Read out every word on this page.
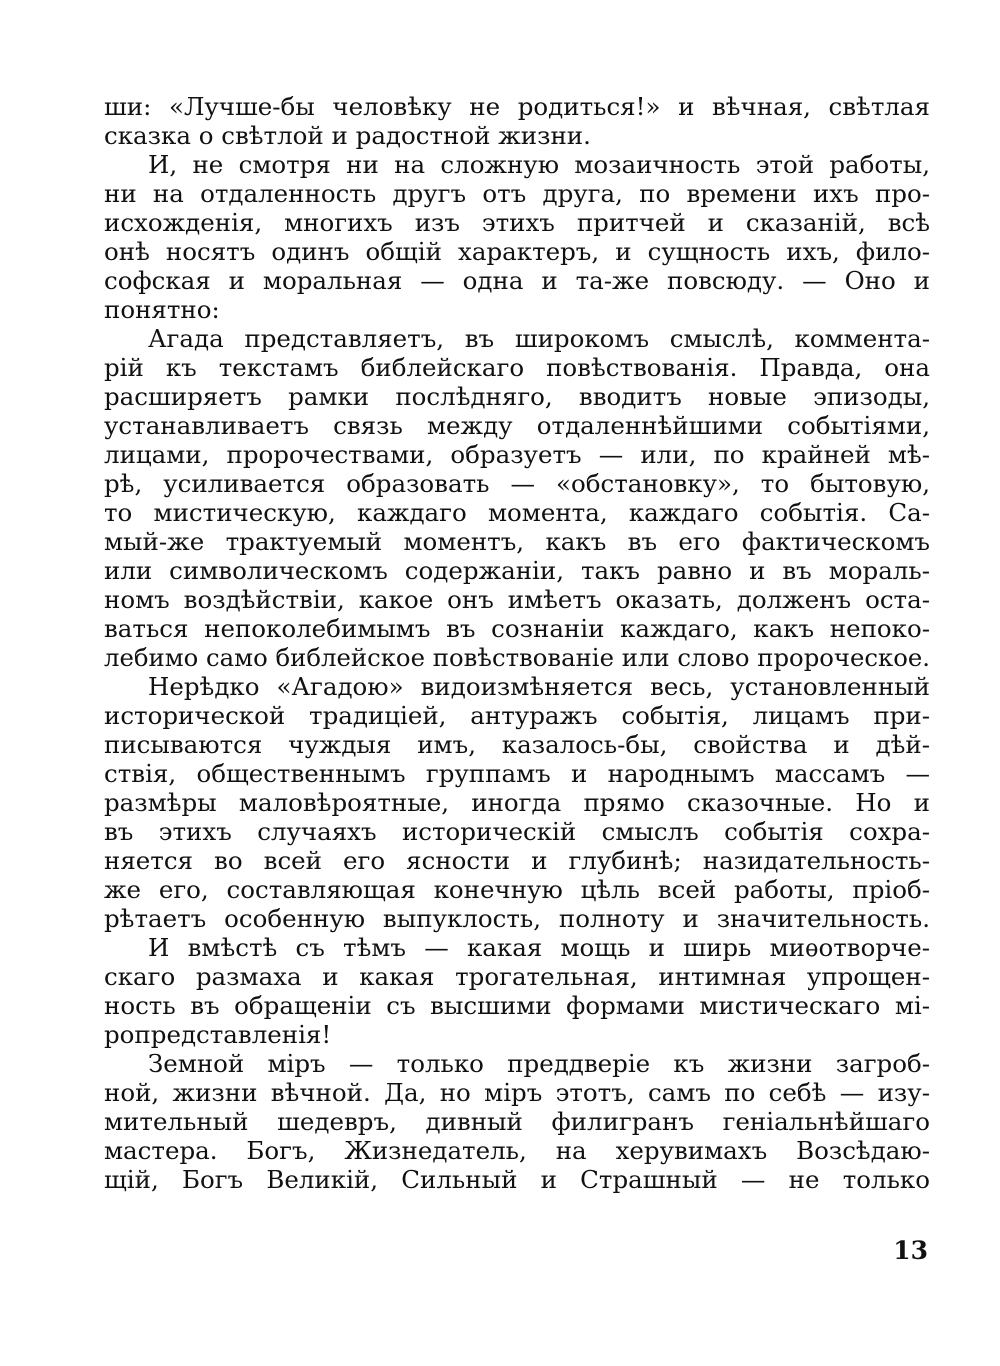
ши: «Лучше-бы человѣку не родиться!» и вѣчная, свѣтлая
сказка о свѣтлой и радостной жизни.
И, не смотря ни на сложную мозаичность этой работы,
ни на отдаленность другъ отъ друга, по времени ихъ про-
исхожденія, многихъ изъ этихъ притчей и сказаній, всѣ
онѣ носятъ одинъ общій характеръ, и сущность ихъ, фило-
софская и моральная — одна и та-же повсюду. — Оно и
понятно:
Агада представляетъ, въ широкомъ смыслѣ, коммента-
рій къ текстамъ библейскаго повѣствованія. Правда, она
расширяетъ рамки послѣдняго, вводитъ новые эпизоды,
устанавливаетъ связь между отдаленнѣйшими событіями,
лицами, пророчествами, образуетъ — или, по крайней мѣ-
рѣ, усиливается образовать — «обстановку», то бытовую,
то мистическую, каждаго момента, каждаго событія. Са-
мый-же трактуемый моментъ, какъ въ его фактическомъ
или символическомъ содержаніи, такъ равно и въ мораль-
номъ воздѣйствіи, какое онъ имѣетъ оказать, долженъ оста-
ваться непоколебимымъ въ сознаніи каждаго, какъ непоко-
лебимо само библейское повѣствованіе или слово пророческое.
Нерѣдко «Агадою» видоизмѣняется весь, установленный
исторической традиціей, антуражъ событія, лицамъ при-
писываются чуждыя имъ, казалось-бы, свойства и дѣй-
ствія, общественнымъ группамъ и народнымъ массамъ —
размѣры маловѣроятные, иногда прямо сказочные. Но и
въ этихъ случаяхъ историческій смыслъ событія сохра-
няется во всей его ясности и глубинѣ; назидательность-
же его, составляющая конечную цѣль всей работы, пріоб-
рѣтаетъ особенную выпуклость, полноту и значительность.
И вмѣстѣ съ тѣмъ — какая мощь и ширь миѳотворче-
скаго размаха и какая трогательная, интимная упрощен-
ность въ обращеніи съ высшими формами мистическаго мі-
ропредставленія!
Земной міръ — только преддверіе къ жизни загроб-
ной, жизни вѣчной. Да, но міръ этотъ, самъ по себѣ — изу-
мительный шедевръ, дивный филигранъ геніальнѣйшаго
мастера. Богъ, Жизнедатель, на херувимахъ Возсѣдаю-
щій, Богъ Великій, Сильный и Страшный — не только
13
